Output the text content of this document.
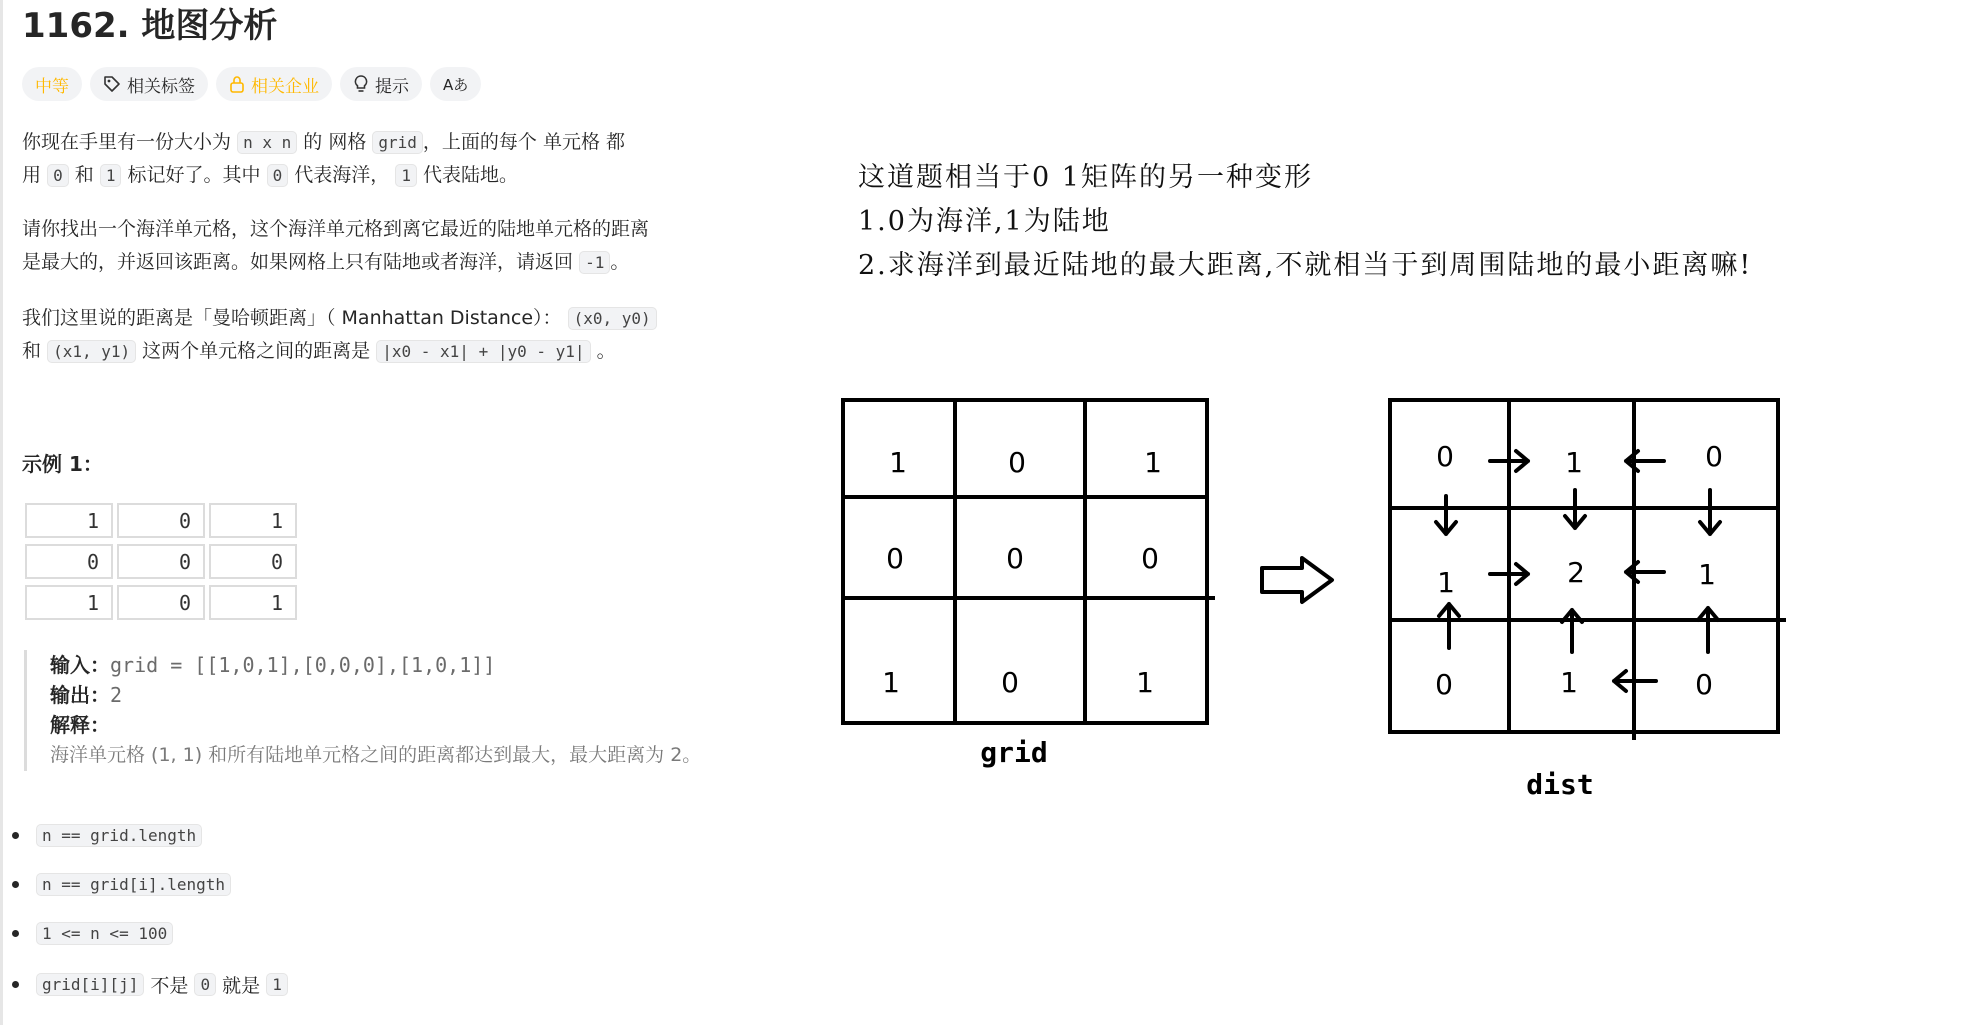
1162. 地图分析
中等	相关标签	相关企业	提示 Aあ
你现在手里有一份大小为 n x n 的 网格 grid ，上面的每个 单元格 都
用 0 和 1 标记好了。其中 0 代表海洋， 1 代表陆地。
请你找出一个海洋单元格，这个海洋单元格到离它最近的陆地单元格的距离
是最大的，并返回该距离。如果网格上只有陆地或者海洋，请返回 -1 。
我们这里说的距离是「曼哈顿距离」（ Manhattan Distance）： (x0, y0)
和 (x1, y1) 这两个单元格之间的距离是 |x0 - x1| + |y0 - y1| 。
示例 1：
1	0	1
0	0	0
1	0	1
输入：grid = [[1,0,1],[0,0,0],[1,0,1]]
输出：2
解释：
海洋单元格 (1, 1) 和所有陆地单元格之间的距离都达到最大，最大距离为 2。
n == grid.length
n == grid[i].length
1 <= n <= 100
grid[i][j]
不是
0
就是
1
这道题相当于0 1矩阵的另一种变形
1.0为海洋,1为陆地
2.求海洋到最近陆地的最大距离,不就相当于到周围陆地的最小距离嘛!
1	0	1
0	0	0
1	0	1
grid
0	1	0
1	2	1
0	1	0
dist
